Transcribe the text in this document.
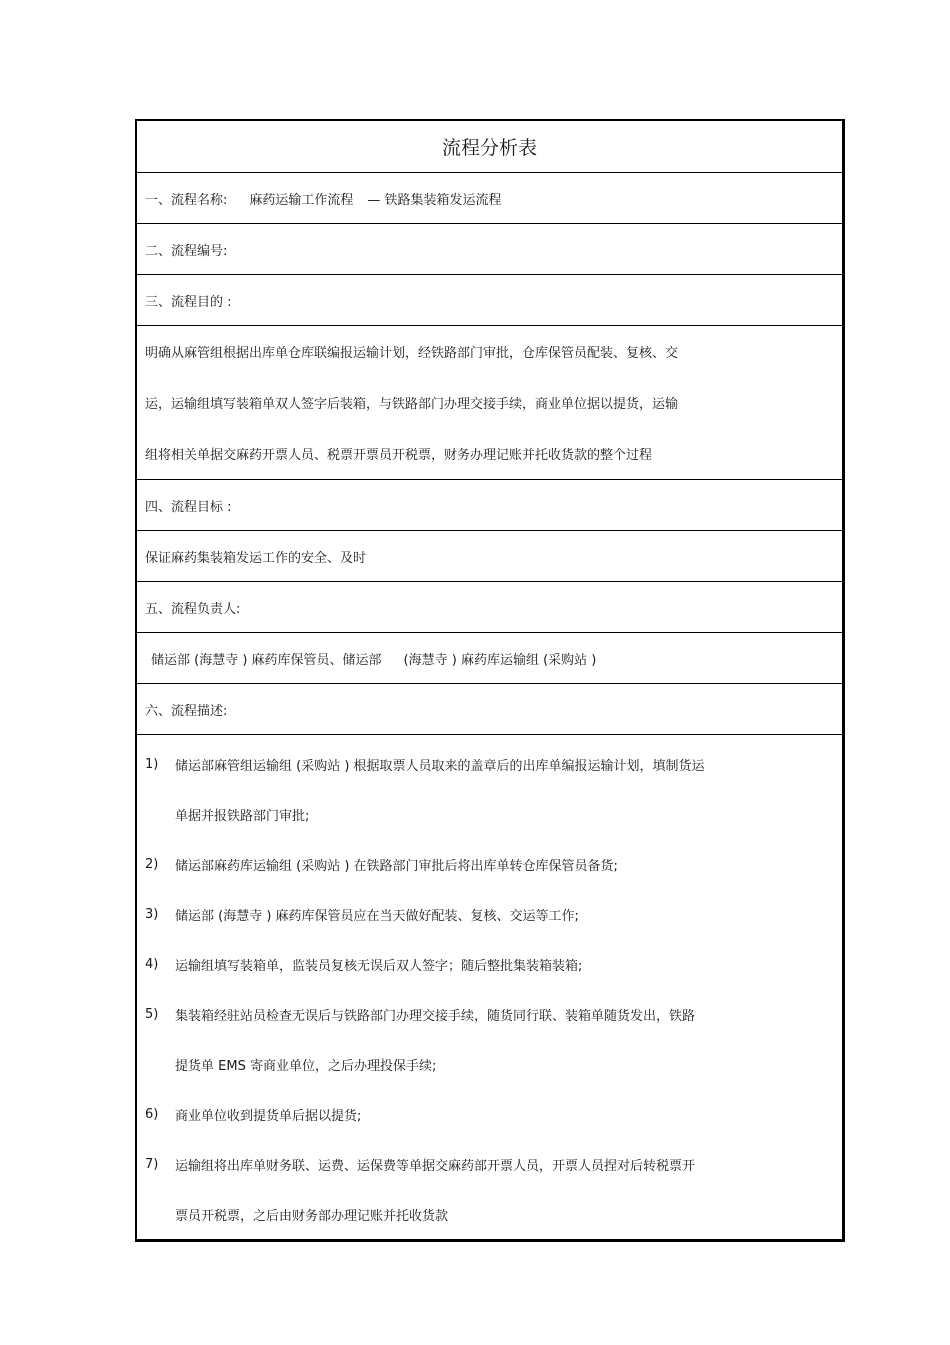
流程分析表
一、流程名称: 麻药运输工作流程 — 铁路集装箱发运流程
二、流程编号:
三、流程目的 :
明确从麻管组根据出库单仓库联编报运输计划，经铁路部门审批，仓库保管员配装、复核、交
运，运输组填写装箱单双人签字后装箱，与铁路部门办理交接手续，商业单位据以提货，运输
组将相关单据交麻药开票人员、税票开票员开税票，财务办理记账并托收货款的整个过程
四、流程目标 :
保证麻药集装箱发运工作的安全、及时
五、流程负责人:
储运部 (海慧寺 ) 麻药库保管员、储运部 (海慧寺 ) 麻药库运输组 (采购站 )
六、流程描述:
1)	储运部麻管组运输组 (采购站 ) 根据取票人员取来的盖章后的出库单编报运输计划，填制货运
单据并报铁路部门审批;
2)	储运部麻药库运输组 (采购站 ) 在铁路部门审批后将出库单转仓库保管员备货;
3)	储运部 (海慧寺 ) 麻药库保管员应在当天做好配装、复核、交运等工作;
4)	运输组填写装箱单，监装员复核无误后双人签字；随后整批集装箱装箱;
5)	集装箱经驻站员检查无误后与铁路部门办理交接手续，随货同行联、装箱单随货发出，铁路
提货单 EMS 寄商业单位，之后办理投保手续;
6)	商业单位收到提货单后据以提货;
7)	运输组将出库单财务联、运费、运保费等单据交麻药部开票人员，开票人员捏对后转税票开
票员开税票，之后由财务部办理记账并托收货款
